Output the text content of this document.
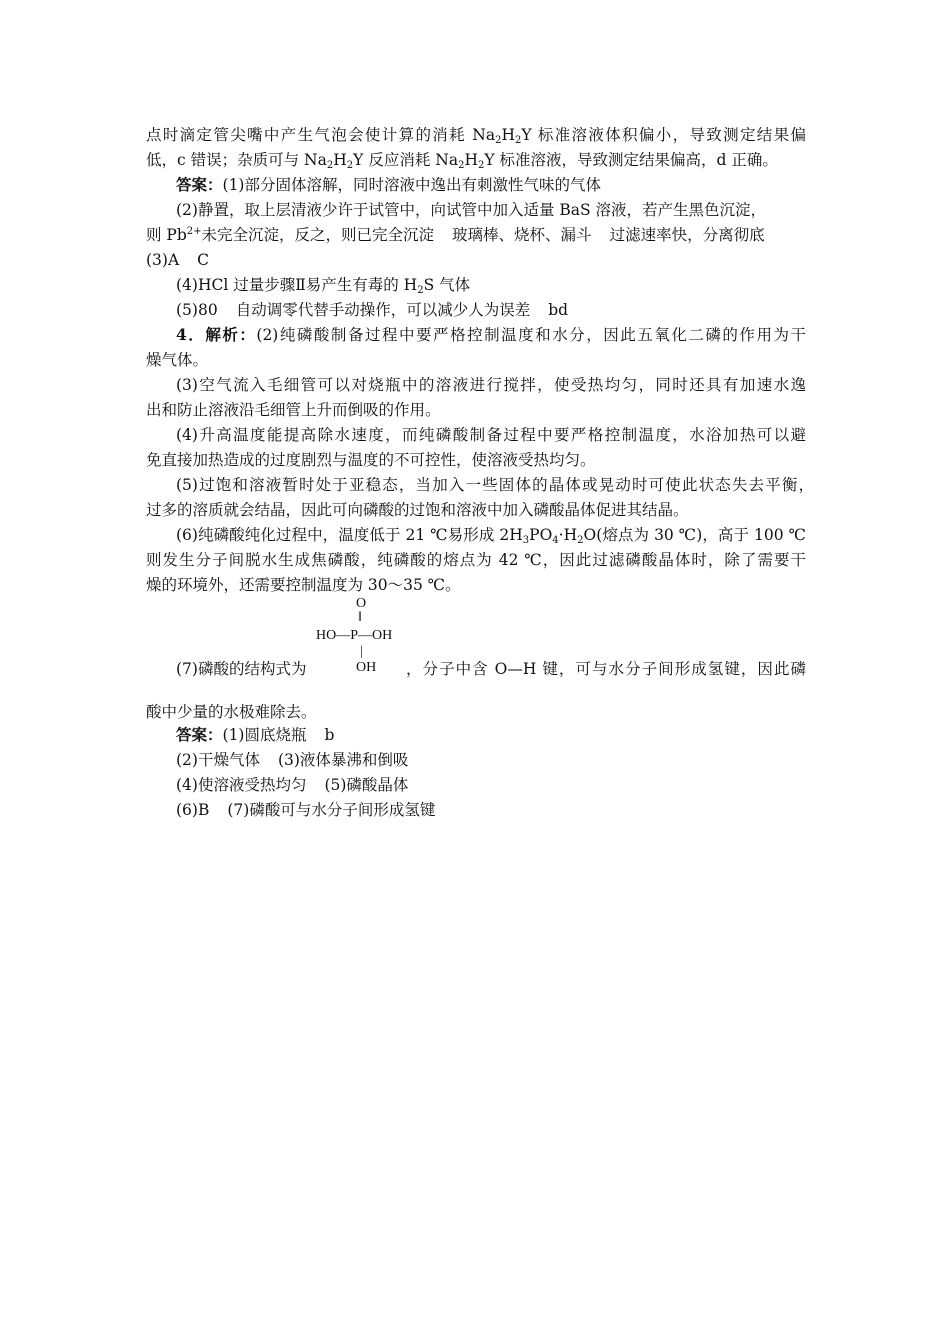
点时滴定管尖嘴中产生气泡会使计算的消耗 $Na_2H_2Y$ 标准溶液体积偏小，导致测定结果偏
低，c 错误；杂质可与 $Na_2H_2Y$ 反应消耗 $Na_2H_2Y$ 标准溶液，导致测定结果偏高，d 正确。
答案：(1)部分固体溶解，同时溶液中逸出有刺激性气味的气体
(2)静置，取上层清液少许于试管中，向试管中加入适量 BaS 溶液，若产生黑色沉淀，
则 $Pb^{2+}$未完全沉淀，反之，则已完全沉淀 玻璃棒、烧杯、漏斗 过滤速率快，分离彻底
(3)A C
(4)HCl 过量步骤Ⅱ易产生有毒的 $H_2S$ 气体
(5)80 自动调零代替手动操作，可以减少人为误差 bd
4．解析：(2)纯磷酸制备过程中要严格控制温度和水分，因此五氧化二磷的作用为干
燥气体。
(3)空气流入毛细管可以对烧瓶中的溶液进行搅拌，使受热均匀，同时还具有加速水逸
出和防止溶液沿毛细管上升而倒吸的作用。
(4)升高温度能提高除水速度，而纯磷酸制备过程中要严格控制温度，水浴加热可以避
免直接加热造成的过度剧烈与温度的不可控性，使溶液受热均匀。
(5)过饱和溶液暂时处于亚稳态，当加入一些固体的晶体或晃动时可使此状态失去平衡，
过多的溶质就会结晶，因此可向磷酸的过饱和溶液中加入磷酸晶体促进其结晶。
(6)纯磷酸纯化过程中，温度低于 21 ℃易形成 $2H_3PO_4\cdot H_2O$(熔点为 30 ℃)，高于 100 ℃
则发生分子间脱水生成焦磷酸，纯磷酸的熔点为 42 ℃，因此过滤磷酸晶体时，除了需要干
燥的环境外，还需要控制温度为 30～35 ℃。
O
‖
HO—P—OH
|
OH
(7)磷酸的结构式为	，分子中含 O—H 键，可与水分子间形成氢键，因此磷
酸中少量的水极难除去。
答案：(1)圆底烧瓶 b
(2)干燥气体 (3)液体暴沸和倒吸
(4)使溶液受热均匀 (5)磷酸晶体
(6)B (7)磷酸可与水分子间形成氢键
